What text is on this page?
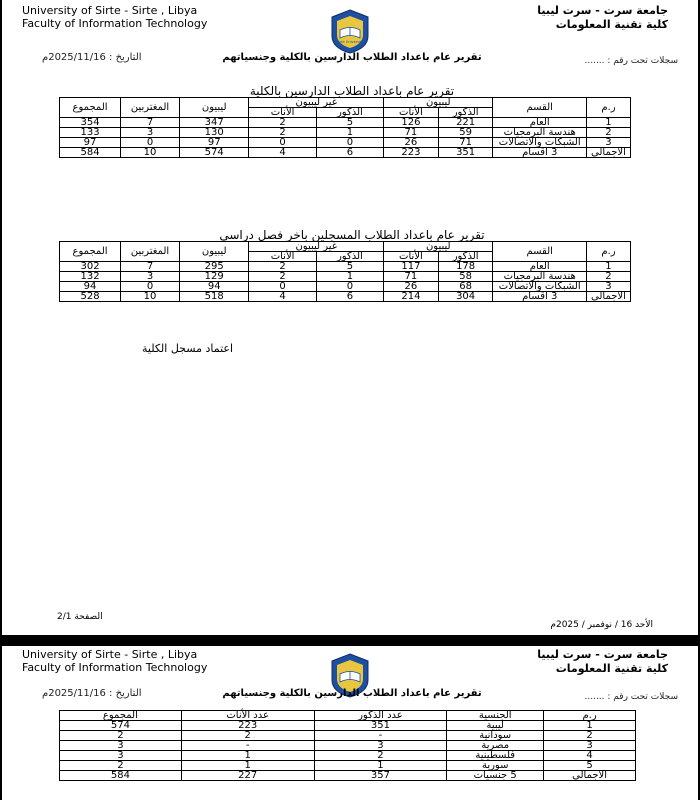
University of Sirte - Sirte , Libya
Faculty of Information Technology
جامعة سرت - سرت ليبيا
كلية تقنية المعلومات
Sirte University
التاريخ : 2025/11/16م	تقرير عام باعداد الطلاب الدارسين بالكلية وجنسياتهم	سجلات تحت رقم : .......
تقرير عام باعداد الطلاب الدارسين بالكلية
ر.م	القسم	ليبيون		غير ليبيون		ليبيون	المغتربين	المجموع
		الذكور	الأنات	الذكور	الأنات			
1	العام	221	126	5	2	347	7	354
2	هندسة البرمجيات	59	71	1	2	130	3	133
3	الشبكات والاتصالات	71	26	0	0	97	0	97
الاجمالي	3 اقسام	351	223	6	4	574	10	584
تقرير عام باعداد الطلاب المسجلين باخر فصل دراسي
ر.م	القسم	ليبيون		غير ليبيون		ليبيون	المغتربين	المجموع
		الذكور	الأنات	الذكور	الأنات			
1	العام	178	117	5	2	295	7	302
2	هندسة البرمجيات	58	71	1	2	129	3	132
3	الشبكات والاتصالات	68	26	0	0	94	0	94
الاجمالي	3 اقسام	304	214	6	4	518	10	528
اعتماد مسجل الكلية
الصفحة 2/1
الأحد 16 / نوفمبر / 2025م
University of Sirte - Sirte , Libya
Faculty of Information Technology
جامعة سرت - سرت ليبيا
كلية تقنية المعلومات
التاريخ : 2025/11/16م	تقرير عام باعداد الطلاب الدارسين بالكلية وجنسياتهم	سجلات تحت رقم : .......
ر.م	الجنسية	عدد الذكور	عدد الأنات	المجموع
1	ليبية	351	223	574
2	سودانية	-	2	2
3	مصرية	3	-	3
4	فلسطينية	2	1	3
5	سورية	1	1	2
الاجمالي	5 جنسيات	357	227	584
